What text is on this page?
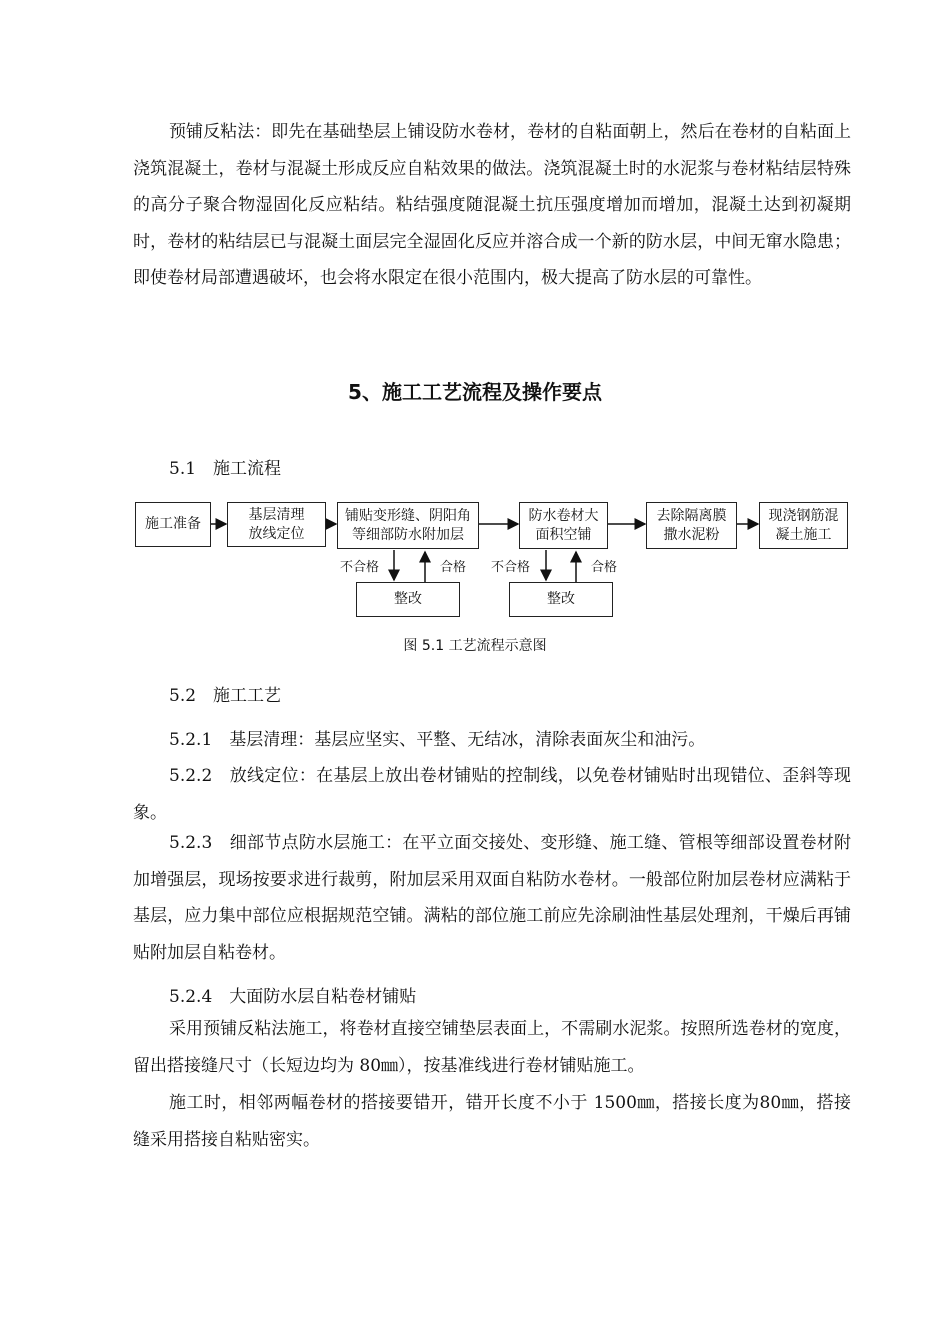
预铺反粘法：即先在基础垫层上铺设防水卷材，卷材的自粘面朝上，然后在卷材的自粘面上浇筑混凝土，卷材与混凝土形成反应自粘效果的做法。浇筑混凝土时的水泥浆与卷材粘结层特殊的高分子聚合物湿固化反应粘结。粘结强度随混凝土抗压强度增加而增加，混凝土达到初凝期时，卷材的粘结层已与混凝土面层完全湿固化反应并溶合成一个新的防水层，中间无窜水隐患；即使卷材局部遭遇破坏，也会将水限定在很小范围内，极大提高了防水层的可靠性。

5、施工工艺流程及操作要点

5.1　施工流程

施工准备
基层清理
放线定位
铺贴变形缝、阴阳角
等细部防水附加层
防水卷材大
面积空铺
去除隔离膜
撒水泥粉
现浇钢筋混
凝土施工
整改	整改
不合格	合格 不合格	合格

图 5.1 工艺流程示意图

5.2　施工工艺

5.2.1　基层清理：基层应坚实、平整、无结冰，清除表面灰尘和油污。

5.2.2　放线定位：在基层上放出卷材铺贴的控制线，以免卷材铺贴时出现错位、歪斜等现象。

5.2.3　细部节点防水层施工：在平立面交接处、变形缝、施工缝、管根等细部设置卷材附加增强层，现场按要求进行裁剪，附加层采用双面自粘防水卷材。一般部位附加层卷材应满粘于基层，应力集中部位应根据规范空铺。满粘的部位施工前应先涂刷油性基层处理剂，干燥后再铺贴附加层自粘卷材。

5.2.4　大面防水层自粘卷材铺贴

采用预铺反粘法施工，将卷材直接空铺垫层表面上，不需刷水泥浆。按照所选卷材的宽度，留出搭接缝尺寸（长短边均为 80㎜），按基准线进行卷材铺贴施工。

施工时，相邻两幅卷材的搭接要错开，错开长度不小于 1500㎜，搭接长度为80㎜，搭接缝采用搭接自粘贴密实。
